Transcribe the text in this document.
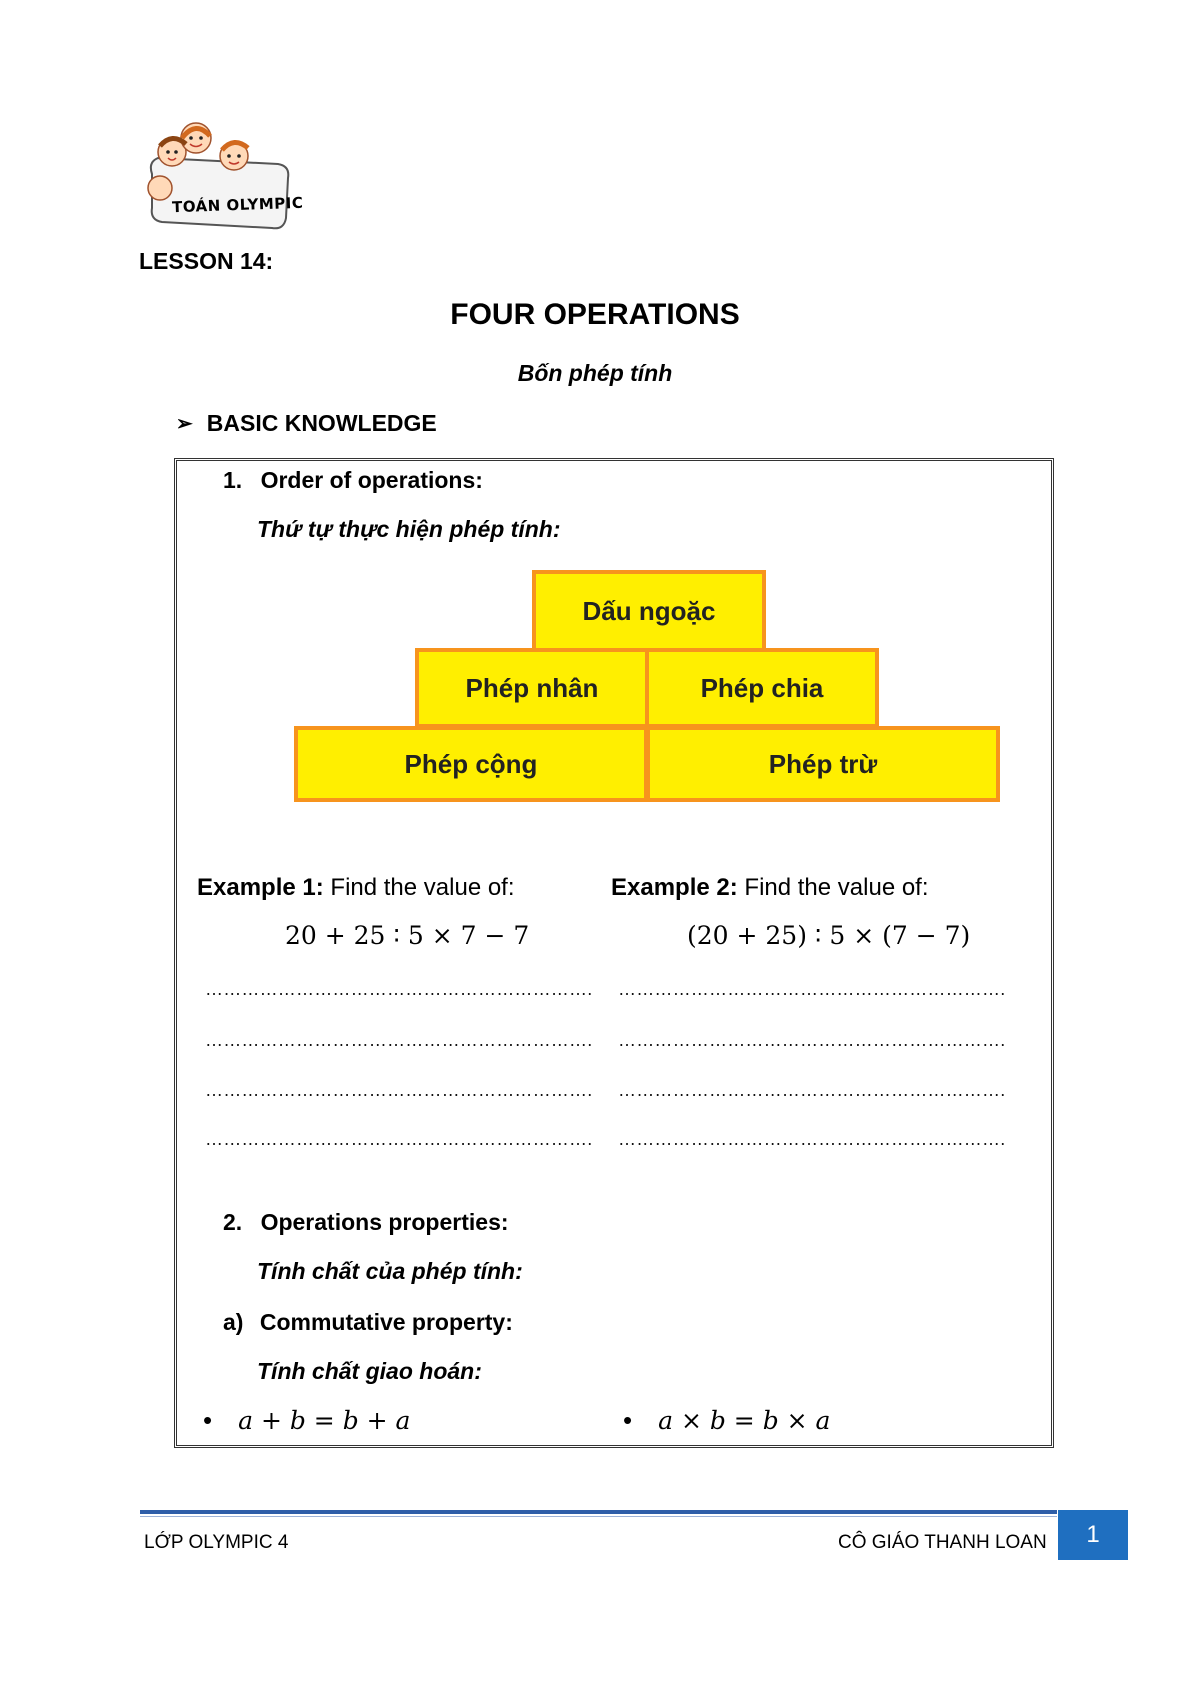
TOÁN OLYMPIC
LESSON 14:
FOUR OPERATIONS
Bốn phép tính
➢ BASIC KNOWLEDGE
1. Order of operations:
Thứ tự thực hiện phép tính:
Dấu ngoặc
Phép nhân	Phép chia
Phép cộng	Phép trừ
Example 1: Find the value of:
20 + 25 ∶ 5 × 7 − 7
……………………………………………………….
……………………………………………………….
……………………………………………………….
……………………………………………………….
Example 2: Find the value of:
(20 + 25) ∶ 5 × (7 − 7)
……………………………………………………….
……………………………………………………….
……………………………………………………….
……………………………………………………….
2. Operations properties:
Tính chất của phép tính:
a) Commutative property:
Tính chất giao hoán:
• 𝑎 + 𝑏 = 𝑏 + 𝑎	• 𝑎 × 𝑏 = 𝑏 × 𝑎
LỚP OLYMPIC 4	CÔ GIÁO THANH LOAN	1
